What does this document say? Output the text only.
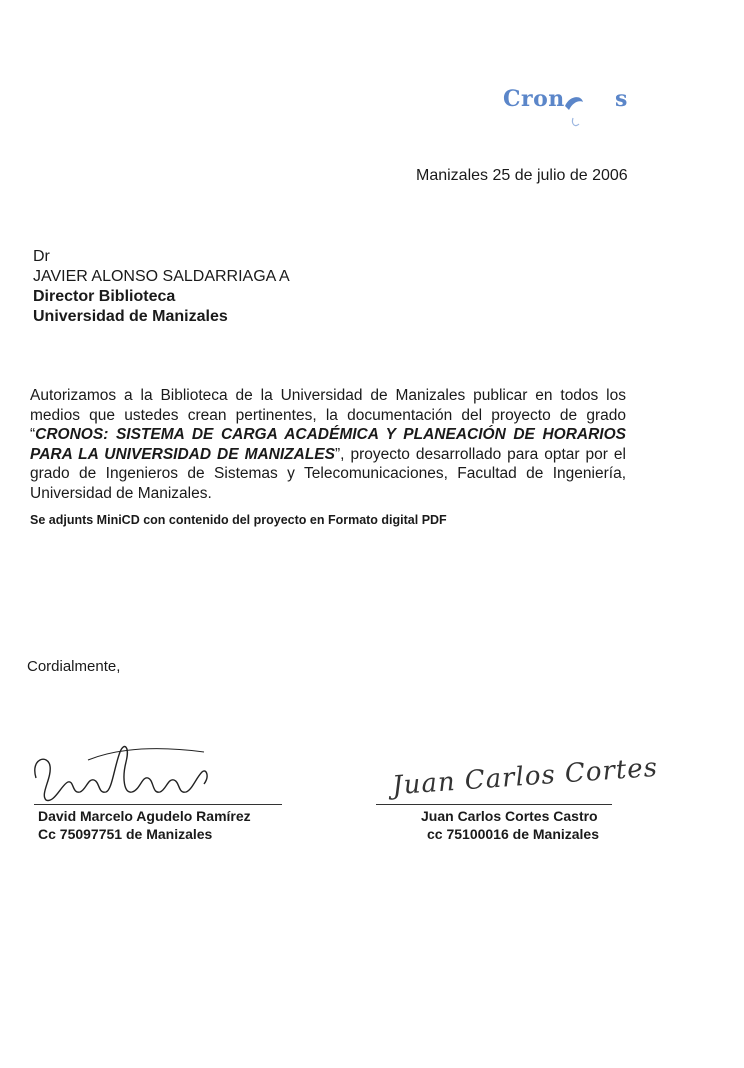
Cron s
Manizales 25 de julio de 2006
Dr
JAVIER ALONSO SALDARRIAGA A
Director Biblioteca
Universidad de Manizales
Autorizamos a la Biblioteca de la Universidad de Manizales publicar en todos los medios que ustedes crean pertinentes, la documentación del proyecto de grado “CRONOS: SISTEMA DE CARGA ACADÉMICA Y PLANEACIÓN DE HORARIOS PARA LA UNIVERSIDAD DE MANIZALES”, proyecto desarrollado para optar por el grado de Ingenieros de Sistemas y Telecomunicaciones, Facultad de Ingeniería, Universidad de Manizales.
Se adjunts MiniCD con contenido del proyecto en Formato digital PDF
Cordialmente,
David Marcelo Agudelo Ramírez
Cc 75097751 de Manizales
Juan Carlos Cortes
Juan Carlos Cortes Castro
cc 75100016 de Manizales
